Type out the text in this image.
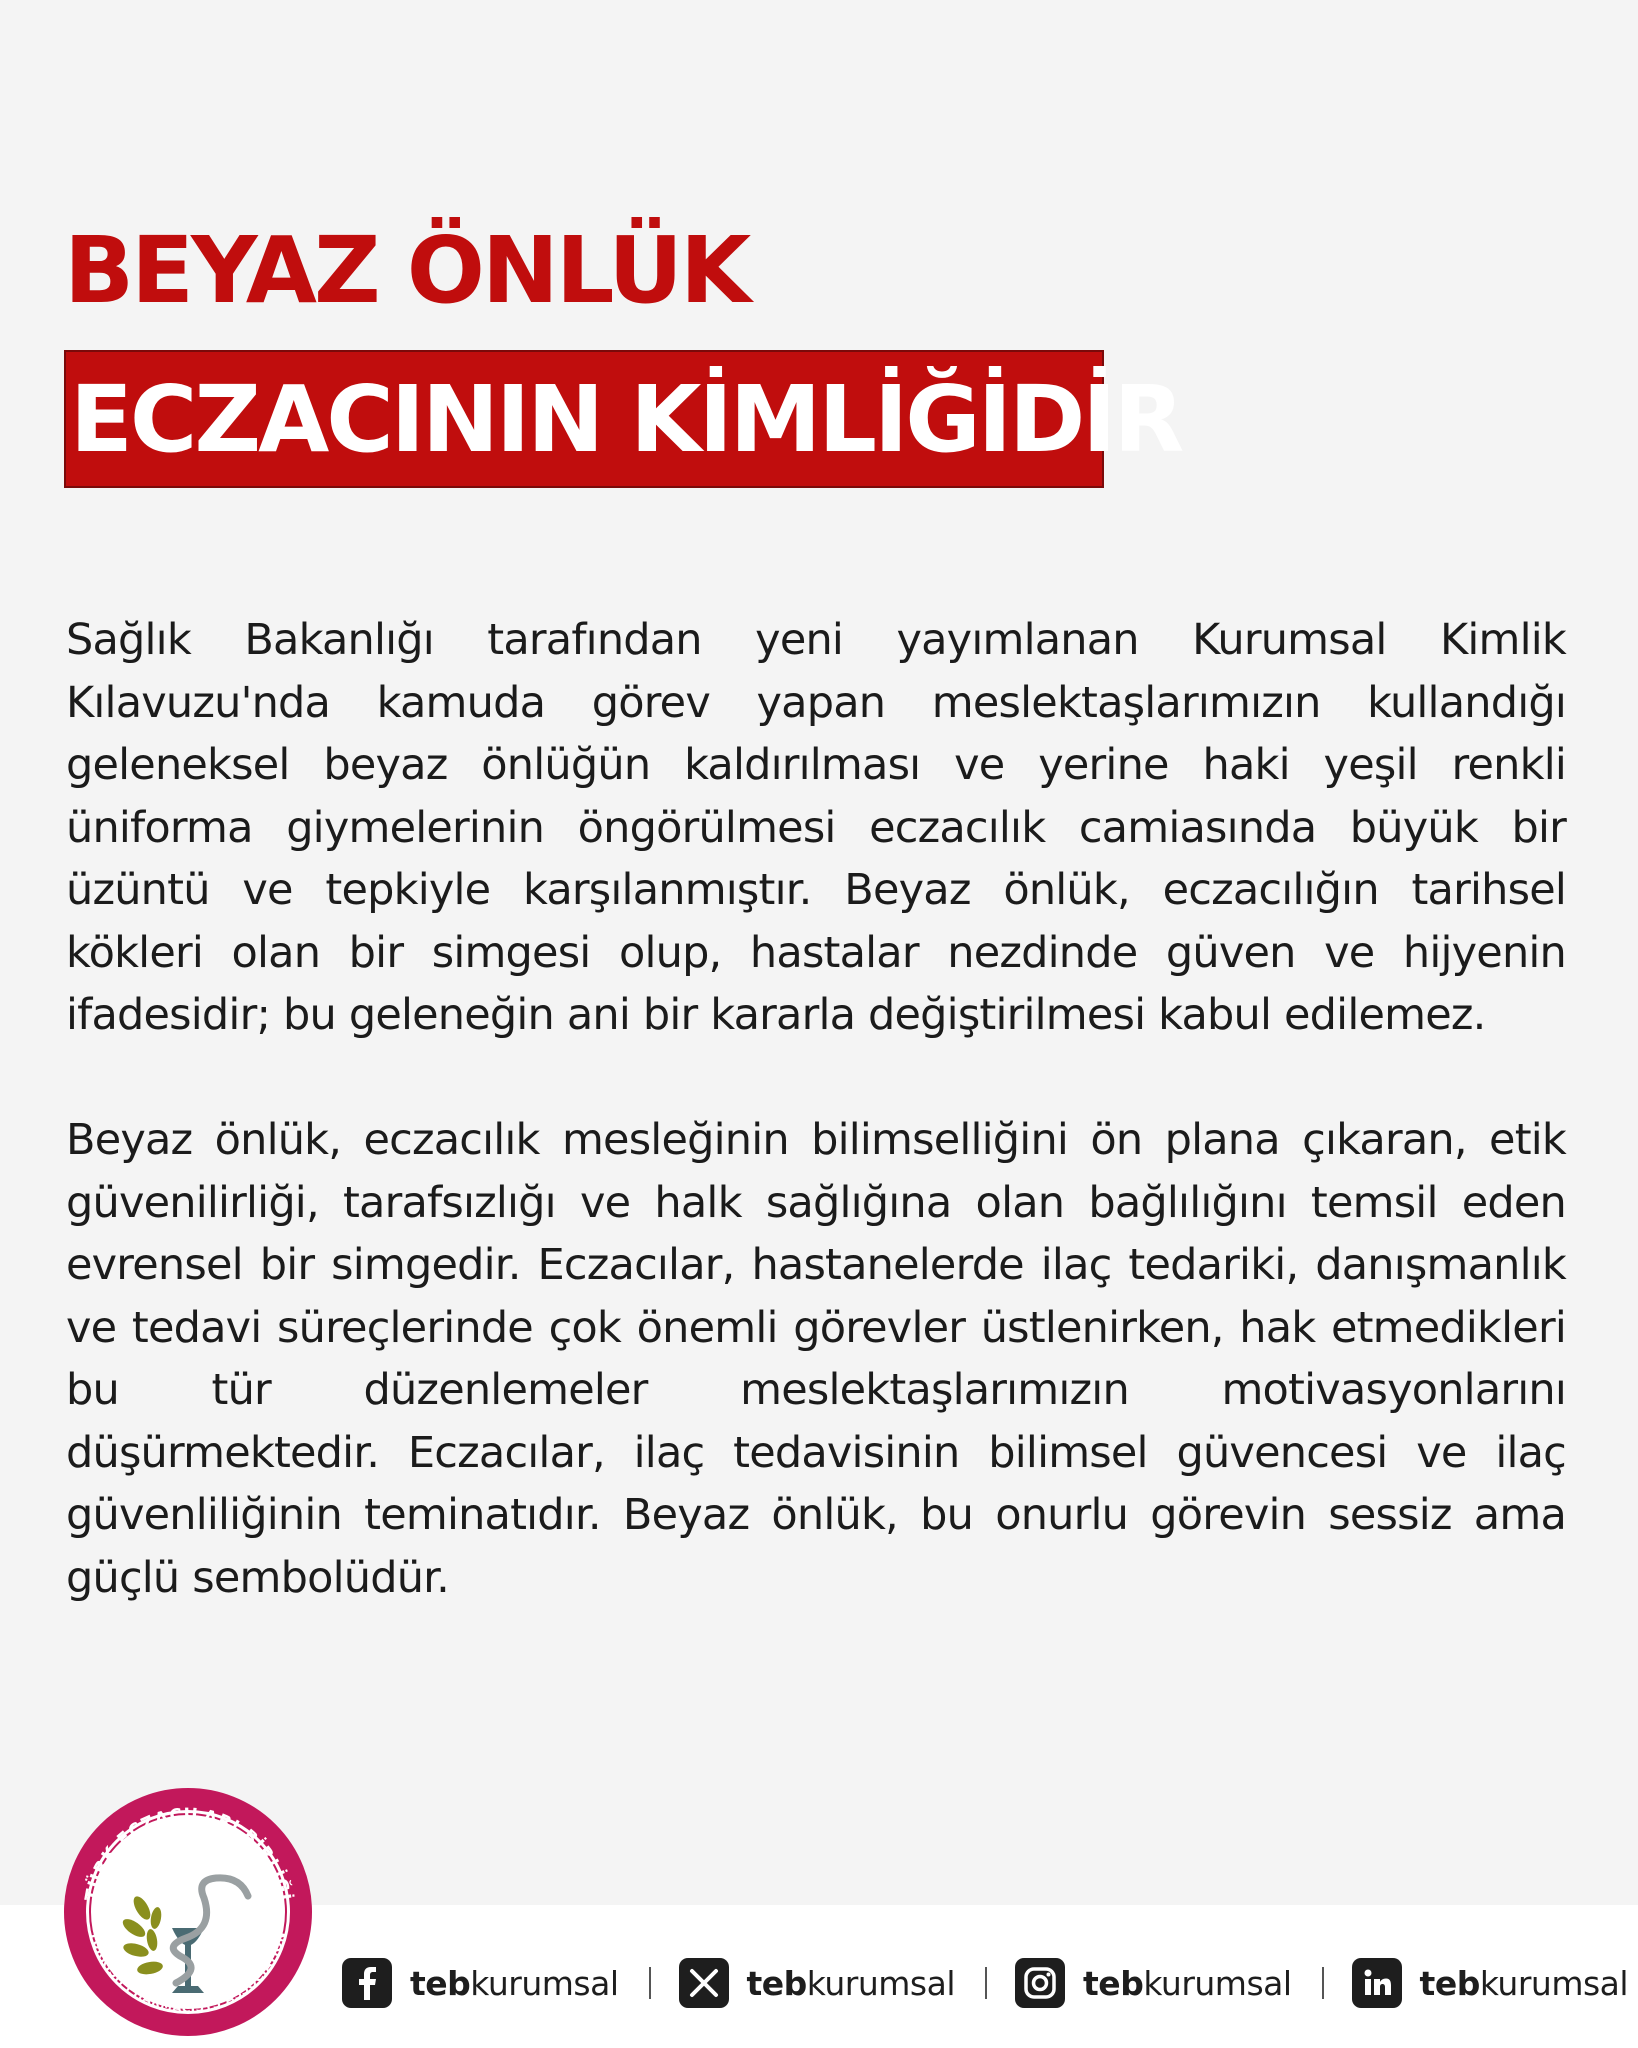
BEYAZ ÖNLÜK
ECZACININ KİMLİĞİDİR
Sağlık Bakanlığı tarafından yeni yayımlanan Kurumsal Kimlik Kılavuzu'nda kamuda görev yapan meslektaşlarımızın kullandığı geleneksel beyaz önlüğün kaldırılması ve yerine haki yeşil renkli üniforma giymelerinin öngörülmesi eczacılık camiasında büyük bir üzüntü ve tepkiyle karşılanmıştır. Beyaz önlük, eczacılığın tarihsel kökleri olan bir simgesi olup, hastalar nezdinde güven ve hijyenin ifadesidir; bu geleneğin ani bir kararla değiştirilmesi kabul edilemez.
Beyaz önlük, eczacılık mesleğinin bilimselliğini ön plana çıkaran, etik güvenilirliği, tarafsızlığı ve halk sağlığına olan bağlılığını temsil eden evrensel bir simgedir. Eczacılar, hastanelerde ilaç tedariki, danışmanlık ve tedavi süreçlerinde çok önemli görevler üstlenirken, hak etmedikleri bu tür düzenlemeler meslektaşlarımızın motivasyonlarını düşürmektedir. Eczacılar, ilaç tedavisinin bilimsel güvencesi ve ilaç güvenliliğinin teminatıdır. Beyaz önlük, bu onurlu görevin sessiz ama güçlü sembolüdür.
TÜRK ECZACILARI BİRLİĞİ
TURKISH PHARMACISTS ASSOCIATION
tebkurumsal	tebkurumsal	tebkurumsal	tebkurumsal
